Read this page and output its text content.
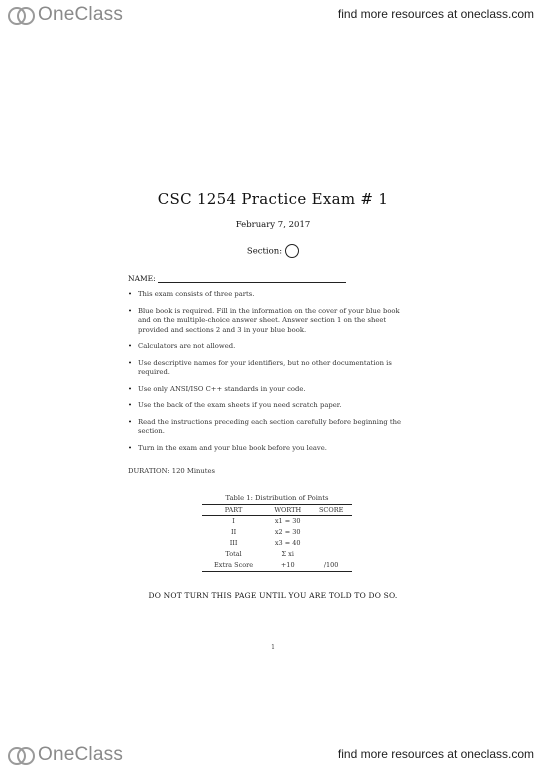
OneClass	find more resources at oneclass.com
CSC 1254 Practice Exam # 1
February 7, 2017
Section:
NAME:
• This exam consists of three parts.
• Blue book is required. Fill in the information on the cover of your blue book and on the multiple-choice answer sheet. Answer section 1 on the sheet provided and sections 2 and 3 in your blue book.
• Calculators are not allowed.
• Use descriptive names for your identifiers, but no other documentation is required.
• Use only ANSI/ISO C++ standards in your code.
• Use the back of the exam sheets if you need scratch paper.
• Read the instructions preceding each section carefully before beginning the section.
• Turn in the exam and your blue book before you leave.
DURATION: 120 Minutes
Table 1: Distribution of Points
PART	WORTH	SCORE
I	x1 = 30	
II	x2 = 30	
III	x3 = 40	
Total	Σ xi	
Extra Score	+10	/100
DO NOT TURN THIS PAGE UNTIL YOU ARE TOLD TO DO SO.
1
OneClass	find more resources at oneclass.com
